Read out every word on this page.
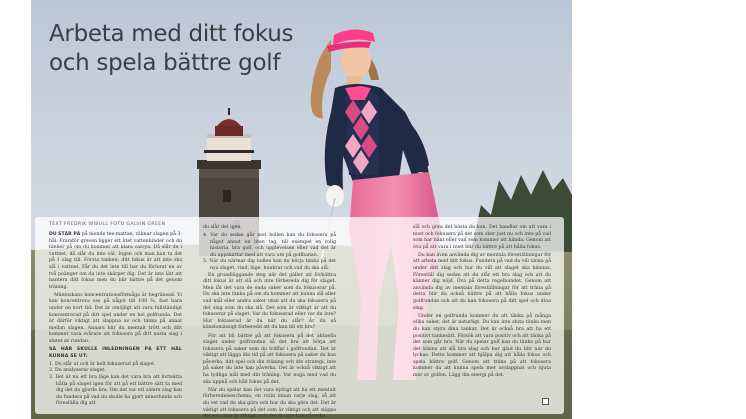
Arbeta med ditt fokus
och spela bättre golf
TEXT FREDRIK WIBULL FOTO GALVIN GREEN

DU STÅR PÅ på nionde tee-mattan, räknar slagen på 3-hål. Framför greven ligger ett litet vattenhinder och du tänker på om du kommer att klara carryn. Då slår du i vattnet, då slår du inte väl. Ingen och man kan ta det på 1 slag till. Första tanken: ditt fokus är att inte ska slå i vattnet. Får du det inte till har du förlorat en av två poänger om du inte skärper dig. Det är inte lätt att hantera ditt fokus men du blir bättre på det genom träning.

Människans koncentrationsförmåga är begränsad. Vi kan koncentrera oss på något till 100 %, fast bara under en kort tid. Det är omöjligt att vara fullständigt koncentrerad på ditt spel under en hel golfrunda. Det är därför viktigt att slappna av och tänka på annat mellan slagen. Annars blir du mentalt trött och ditt kommer vara svårare att fokusera på ditt nästa slag i slutet av rundan.

SÅ HÄR SKULLE INLEDNINGEN PÅ ETT HÅL KUNNA SE UT:

1. Du slår ut och är helt fokuserad på slaget.

2. Du analyserar slaget.

3. Det är nu ett bra läge kan det vara bra att fortsätta hålla på slaget igen för att på ett bättre sätt ta med dig det du gjorde bra. Om det var ett sämre slag kan du fundera på vad du skulle ha gjort annorlunda och föreställa dig att

du slår det igen.

4. Var du sedan går mot bollen kan du fokusera på något annat en liten tag, till exempel en rolig historia, bra golf, och upplevelsen eller vad det är du uppskattar med att vara ute på golfbanan.

5. När du närmar dig bollen kan du börja tänka på det nya slaget, vind, läge, bunkrar och vad du ska slå.

En grundläggande steg när det gäller att förbättra ditt fokus är att slå och inte förbereda dig för slaget. Men låt det vara de enda saker som du fokuserar på. Du ska inte tänka på om du kommer att kunna slå eller vad mål eller andra saker utan att du ska fokusera på det slag som du ska slå. Det som är viktigt är att du fokuserar på slaget. Var du fokuserad eller var du inte? Hur fokuserad är du när du slår? Är du så känslomässigt förberedd att du kan bli ett bra?

För att bli bättre på att fokusera på det aktuella slaget under golfrundan så det bra att börja att fokusera på saker som du träffar i golfrundan. Det är viktigt att lägga din tid på att fokusera på saker du kan påverka, ditt spel och din träning och din strategi, inte på saker du inte kan påverka. Det är också viktigt att ha tydliga mål med din träning. Var noga med vad du ska uppnå och håll fokus på det.

När du spelar kan det vara nyttigt att ha ett mentalt förberedelseschema, en rutin innan varje slag, så att du vet vad du ska göra och hur du ska göra det. Det är viktigt att fokusera på det som är viktigt och att släppa det som inte är viktigt, och det du inte kan påverka.

slå och göra det bästa du kan. Det handlar om att vara i nuet och fokusera på det som sker just nu och inte på vad som har hänt eller vad som kommer att hända. Genom att öva på att vara i nuet blir du bättre på att hålla fokus.

Du kan även använda dig av mentala föreställningar för att arbeta med ditt fokus. Fundera på vad du vill tänka på under ditt slag och hur du vill att slaget ska kännas. Föreställ dig sedan att du slår ett bra slag och att du känner dig nöjd. Öva på detta regelbundet. Genom att använda dig av mentala föreställningar för att träna på detta blir du också bättre på att hålla fokus under golfrundan och att du kan fokusera på ditt spel och dina slag.

Under en golfrunda kommer du att tänka på många olika saker, det är naturligt. Du kan inte sluta tänka men du kan styra dina tankar. Det är också bra att ha ett positivt tankesätt. Försök att vara positiv och att tänka på det som går bra. När du spelar golf kan du tänka på hur det känns att slå bra slag och hur glad du blir när du lyckas. Detta kommer att hjälpa dig att hålla fokus och spela bättre golf. Genom att träna på att fokusera kommer du att kunna spela mer avslappnat och njuta mer av golfen. Lägg din energi på det.
